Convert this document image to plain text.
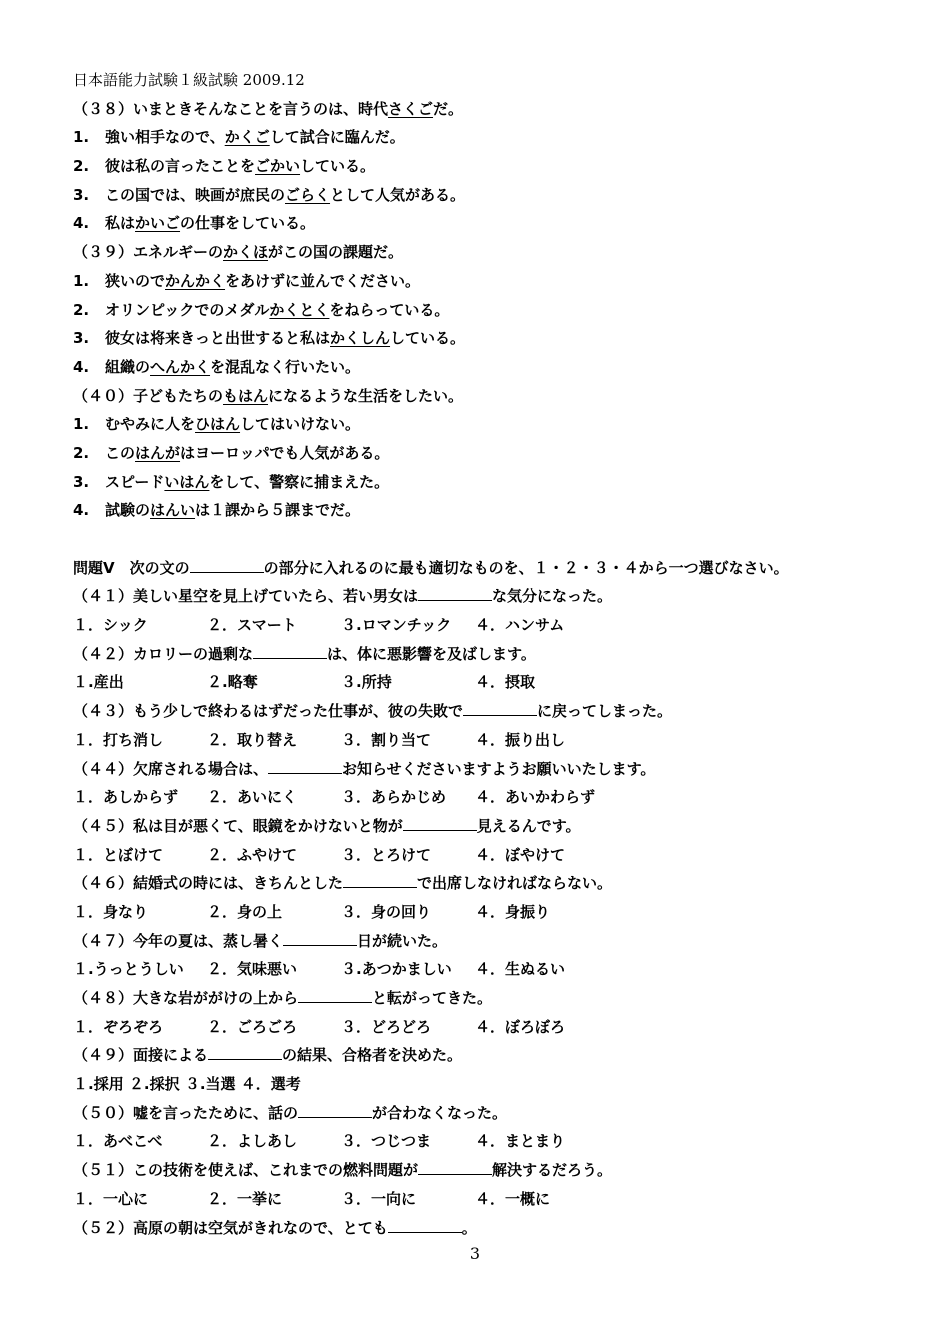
日本語能力試験１級試験 2009.12
（３８）いまときそんなことを言うのは、時代さくごだ。
1. 強い相手なので、かくごして試合に臨んだ。
2. 彼は私の言ったことをごかいしている。
3. この国では、映画が庶民のごらくとして人気がある。
4. 私はかいごの仕事をしている。
（３９）エネルギーのかくほがこの国の課題だ。
1. 狭いのでかんかくをあけずに並んでください。
2. オリンピックでのメダルかくとくをねらっている。
3. 彼女は将来きっと出世すると私はかくしんしている。
4. 組織のへんかくを混乱なく行いたい。
（４０）子どもたちのもはんになるような生活をしたい。
1. むやみに人をひはんしてはいけない。
2. このはんがはヨーロッパでも人気がある。
3. スピードいはんをして、警察に捕まえた。
4. 試験のはんいは１課から５課までだ。
問題Ⅴ　次の文の	の部分に入れるのに最も適切なものを、１・２・３・４から一つ選びなさい。
（４１）美しい星空を見上げていたら、若い男女は	な気分になった。
１．シック	２．スマート	３.ロマンチック ４．ハンサム
（４２）カロリーの過剰な	は、体に悪影響を及ばします。
１.産出	２.略奪	３.所持	４．摂取
（４３）もう少しで終わるはずだった仕事が、彼の失敗で	に戻ってしまった。
１．打ち消し	２．取り替え	３．割り当て	４．振り出し
（４４）欠席される場合は、	お知らせくださいますようお願いいたします。
１．あしからず ２．あいにく	３．あらかじめ ４．あいかわらず
（４５）私は目が悪くて、眼鏡をかけないと物が	見えるんです。
１．とぼけて	２．ふやけて	３．とろけて	４．ぼやけて
（４６）結婚式の時には、きちんとした	で出席しなければならない。
１．身なり	２．身の上	３．身の回り	４．身振り
（４７）今年の夏は、蒸し暑く	日が続いた。
１.うっとうしい ２．気味悪い	３.あつかましい ４．生ぬるい
（４８）大きな岩ががけの上から	と転がってきた。
１．ぞろぞろ	２．ごろごろ	３．どろどろ	４．ぼろぼろ
（４９）面接による	の結果、合格者を決めた。
１.採用 ２.採択 ３.当選 ４．選考
（５０）嘘を言ったために、話の	が合わなくなった。
１．あべこべ	２．よしあし	３．つじつま	４．まとまり
（５１）この技術を使えば、これまでの燃料問題が	解決するだろう。
１．一心に	２．一挙に	３．一向に	４．一概に
（５２）高原の朝は空気がきれなので、とても	。
3
